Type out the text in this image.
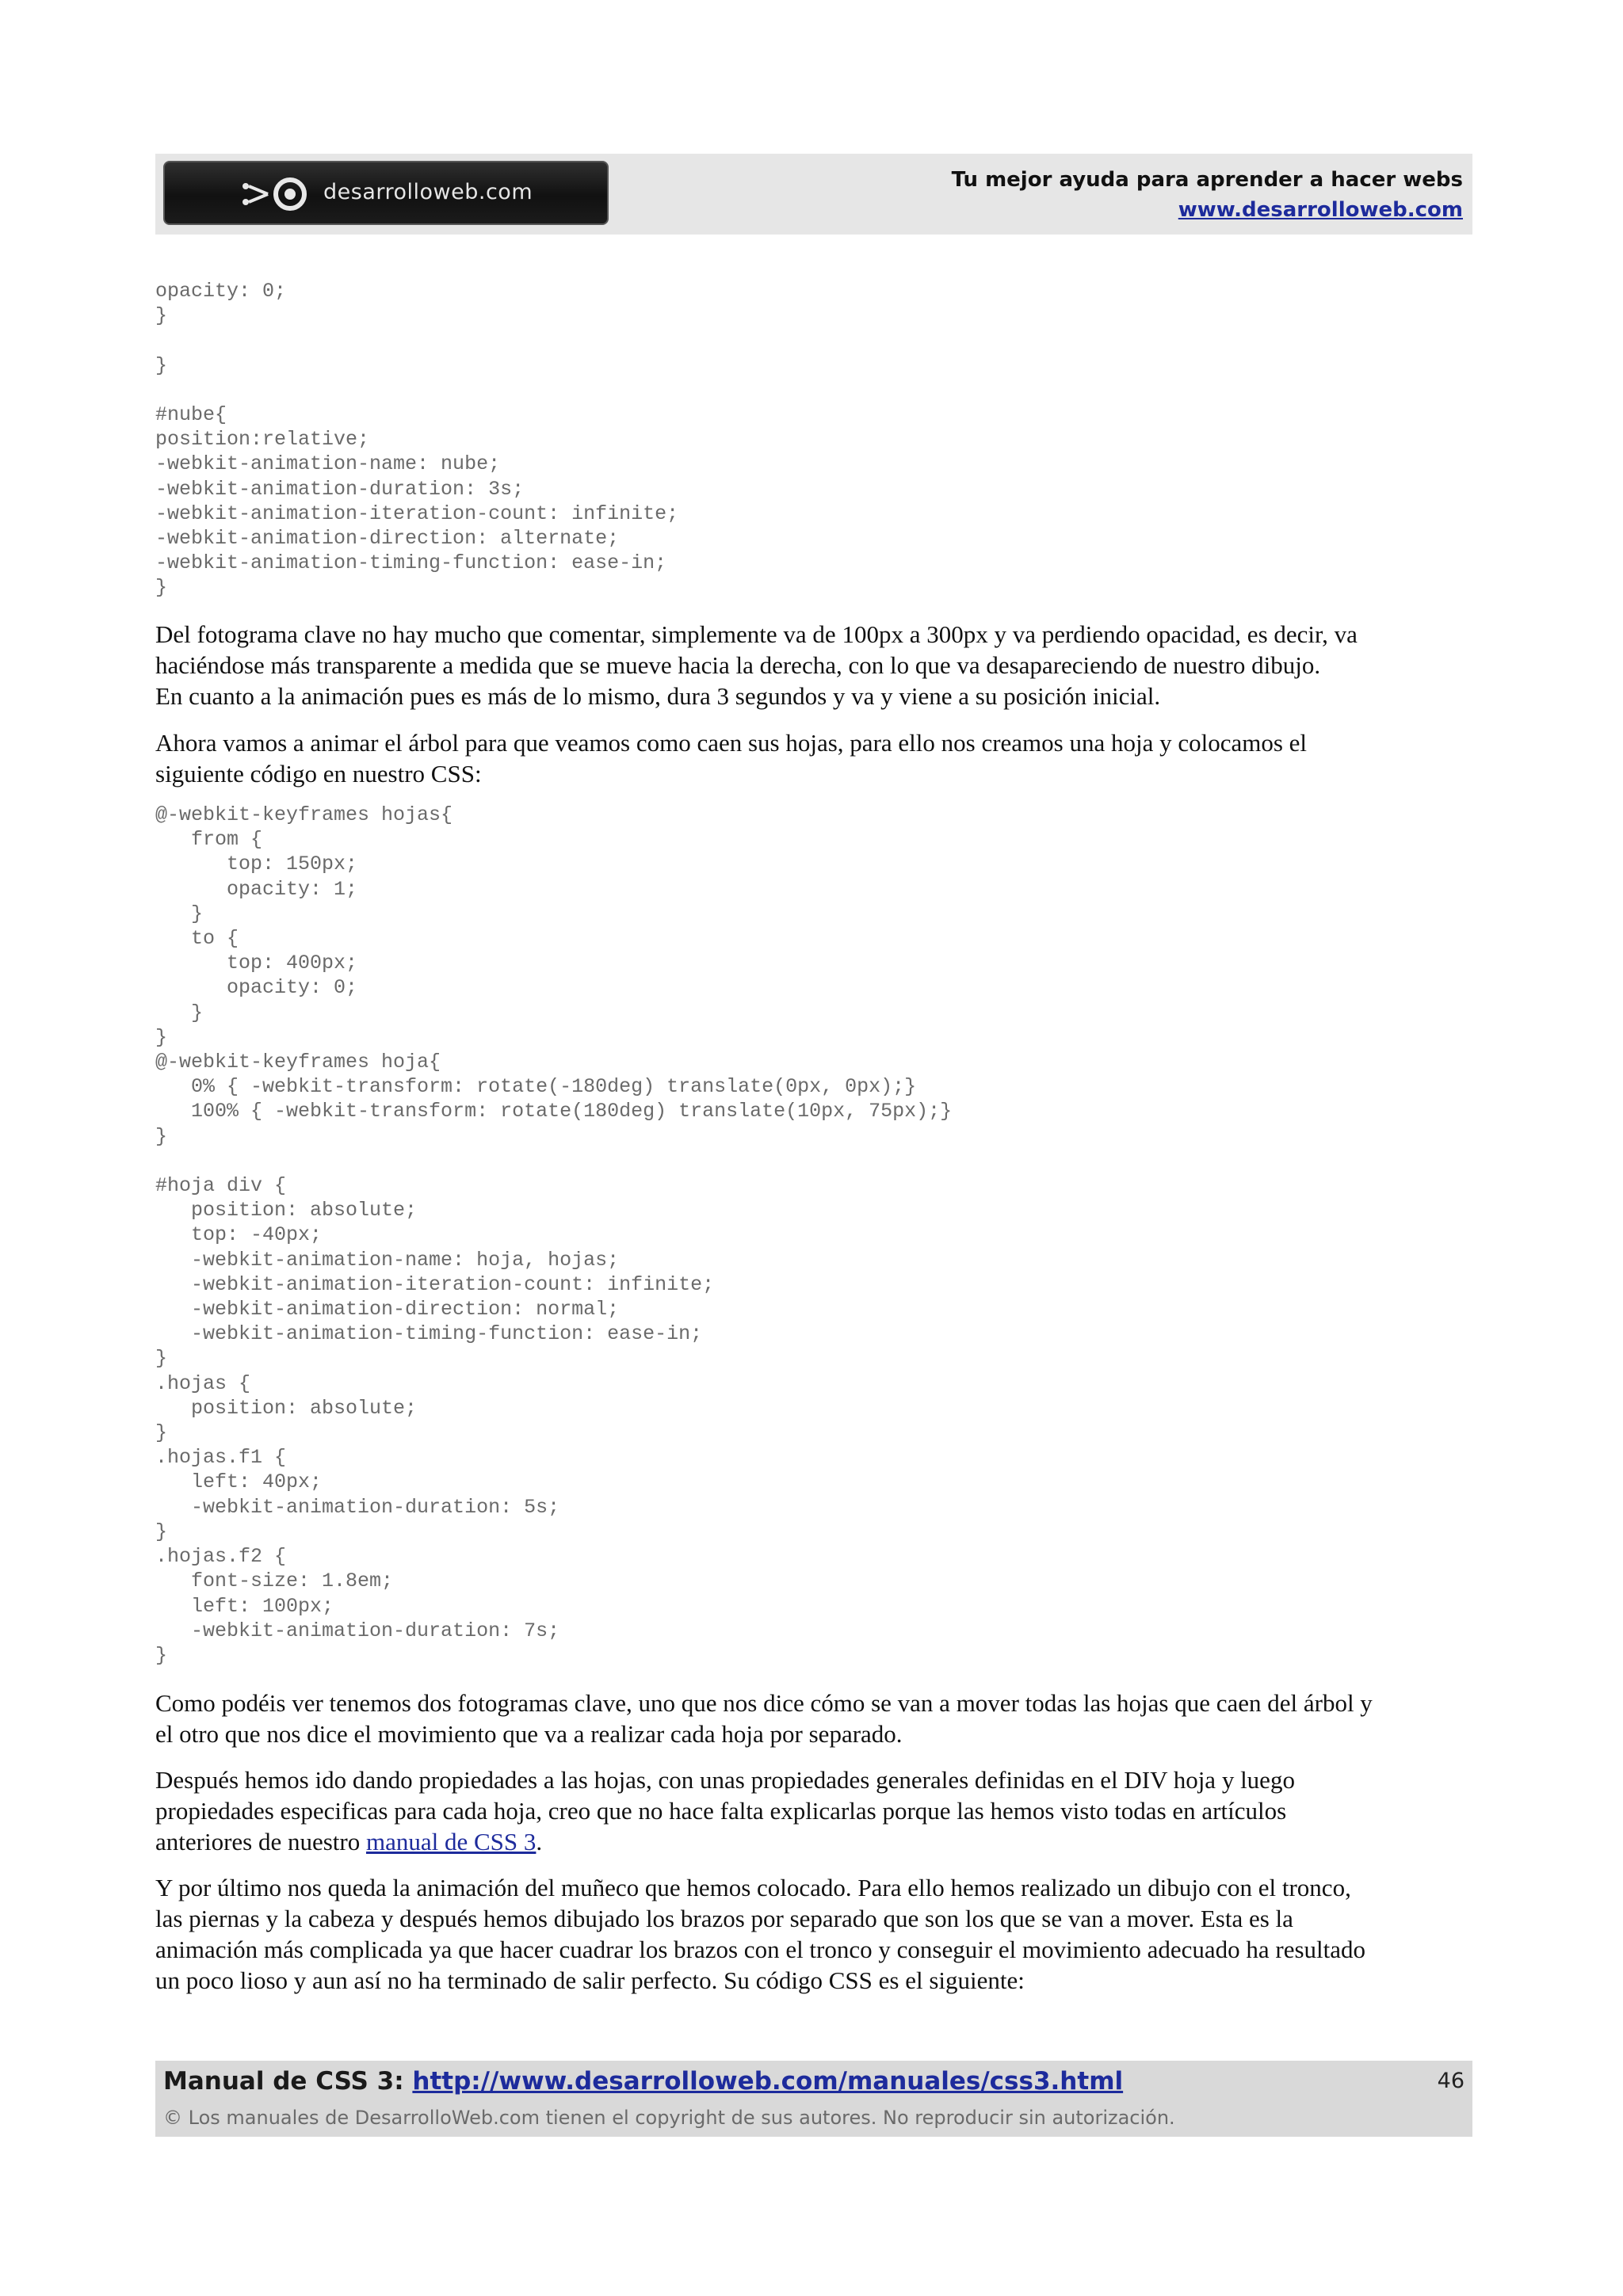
desarrolloweb.com	Tu mejor ayuda para aprender a hacer webs
www.desarrolloweb.com
opacity: 0;
}

}

#nube{
position:relative;
-webkit-animation-name: nube;
-webkit-animation-duration: 3s;
-webkit-animation-iteration-count: infinite;
-webkit-animation-direction: alternate;
-webkit-animation-timing-function: ease-in;
}

Del fotograma clave no hay mucho que comentar, simplemente va de 100px a 300px y va perdiendo opacidad, es decir, va
haciéndose más transparente a medida que se mueve hacia la derecha, con lo que va desapareciendo de nuestro dibujo.
En cuanto a la animación pues es más de lo mismo, dura 3 segundos y va y viene a su posición inicial.

Ahora vamos a animar el árbol para que veamos como caen sus hojas, para ello nos creamos una hoja y colocamos el
siguiente código en nuestro CSS:

@-webkit-keyframes hojas{
from {
top: 150px;
opacity: 1;
}
to {
top: 400px;
opacity: 0;
}
}
@-webkit-keyframes hoja{
0% { -webkit-transform: rotate(-180deg) translate(0px, 0px);}
100% { -webkit-transform: rotate(180deg) translate(10px, 75px);}
}

#hoja div {
position: absolute;
top: -40px;
-webkit-animation-name: hoja, hojas;
-webkit-animation-iteration-count: infinite;
-webkit-animation-direction: normal;
-webkit-animation-timing-function: ease-in;
}
.hojas {
position: absolute;
}
.hojas.f1 {
left: 40px;
-webkit-animation-duration: 5s;
}
.hojas.f2 {
font-size: 1.8em;
left: 100px;
-webkit-animation-duration: 7s;
}

Como podéis ver tenemos dos fotogramas clave, uno que nos dice cómo se van a mover todas las hojas que caen del árbol y
el otro que nos dice el movimiento que va a realizar cada hoja por separado.

Después hemos ido dando propiedades a las hojas, con unas propiedades generales definidas en el DIV hoja y luego
propiedades especificas para cada hoja, creo que no hace falta explicarlas porque las hemos visto todas en artículos
anteriores de nuestro manual de CSS 3.

Y por último nos queda la animación del muñeco que hemos colocado. Para ello hemos realizado un dibujo con el tronco,
las piernas y la cabeza y después hemos dibujado los brazos por separado que son los que se van a mover. Esta es la
animación más complicada ya que hacer cuadrar los brazos con el tronco y conseguir el movimiento adecuado ha resultado
un poco lioso y aun así no ha terminado de salir perfecto. Su código CSS es el siguiente:

Manual de CSS 3: http://www.desarrolloweb.com/manuales/css3.html
© Los manuales de DesarrolloWeb.com tienen el copyright de sus autores. No reproducir sin autorización.
46
